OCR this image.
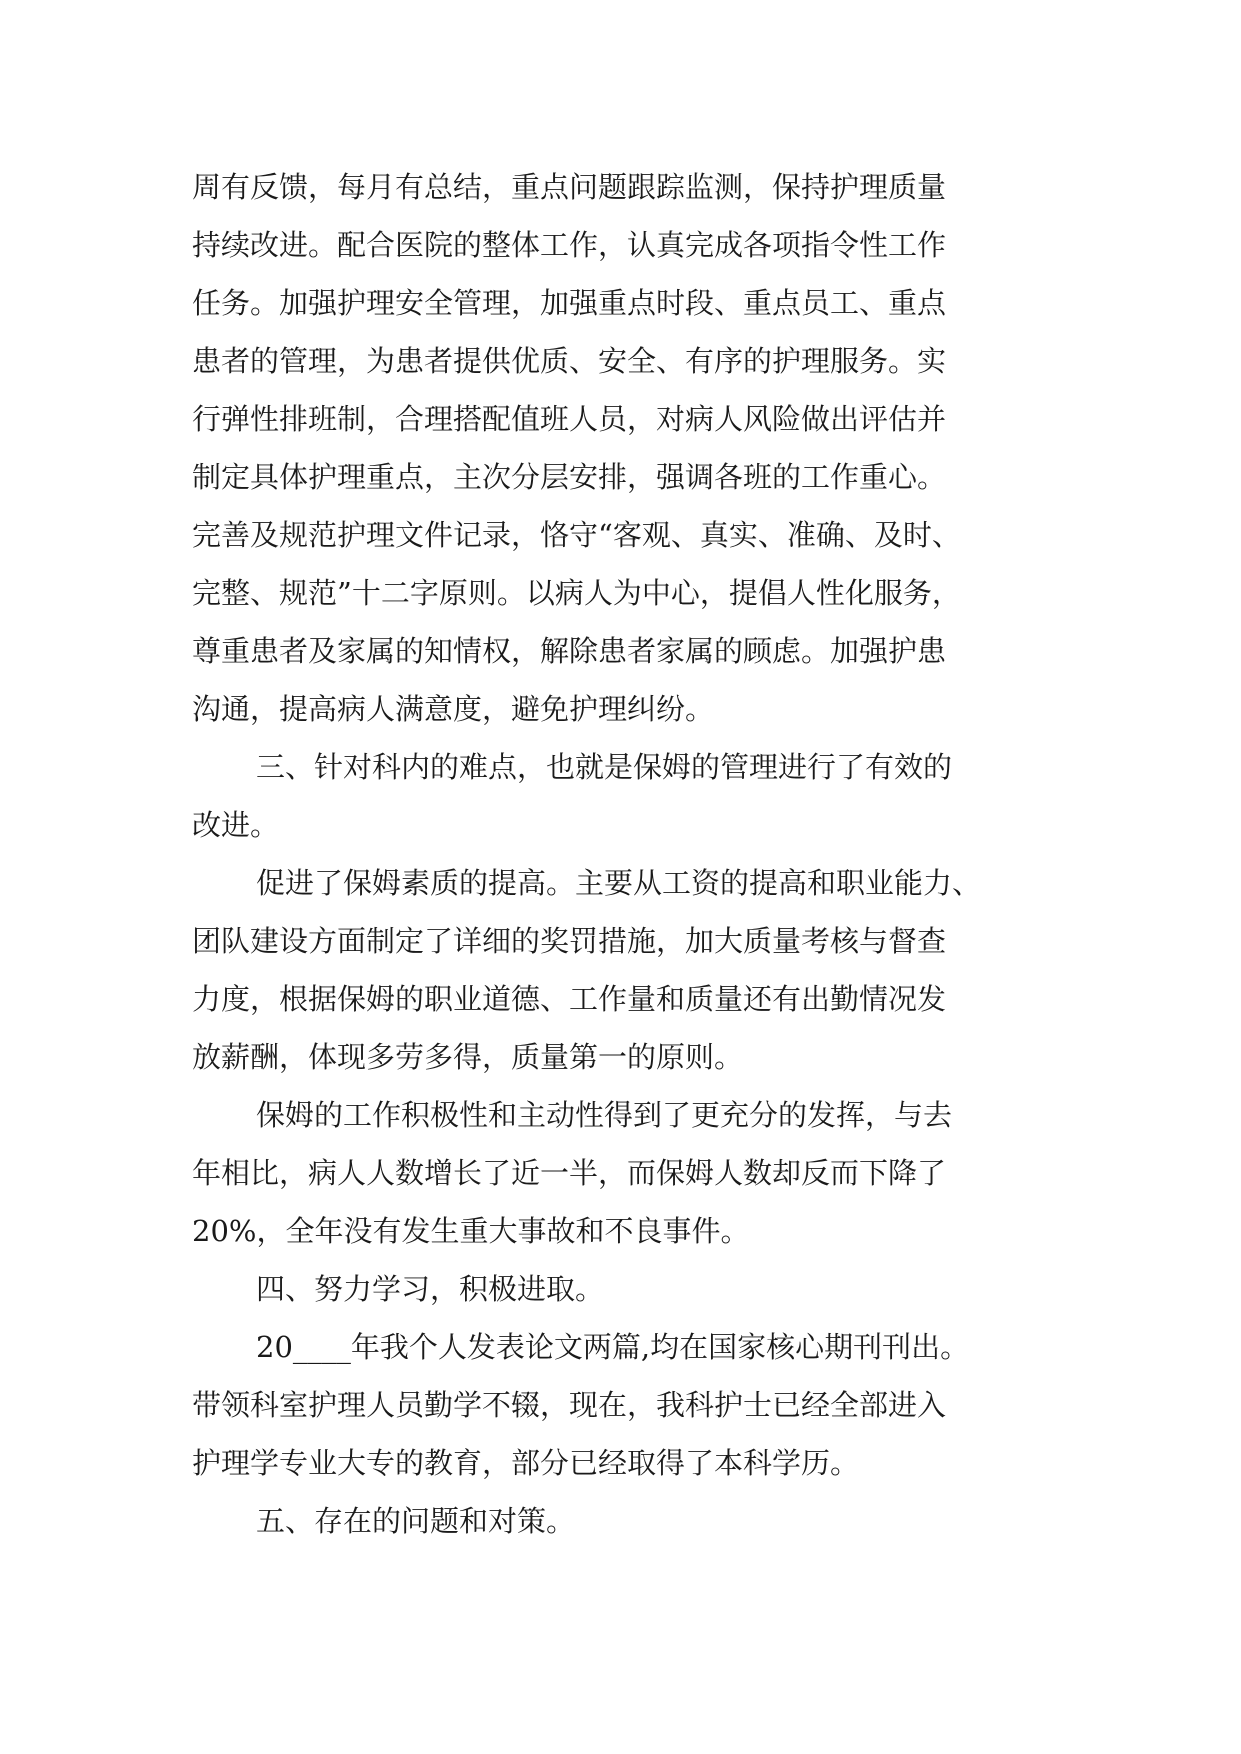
周有反馈，每月有总结，重点问题跟踪监测，保持护理质量
持续改进。配合医院的整体工作，认真完成各项指令性工作
任务。加强护理安全管理，加强重点时段、重点员工、重点
患者的管理，为患者提供优质、安全、有序的护理服务。实
行弹性排班制，合理搭配值班人员，对病人风险做出评估并
制定具体护理重点，主次分层安排，强调各班的工作重心。
完善及规范护理文件记录，恪守“客观、真实、准确、及时、
完整、规范”十二字原则。以病人为中心，提倡人性化服务，
尊重患者及家属的知情权，解除患者家属的顾虑。加强护患
沟通，提高病人满意度，避免护理纠纷。
三、针对科内的难点，也就是保姆的管理进行了有效的
改进。
促进了保姆素质的提高。主要从工资的提高和职业能力、
团队建设方面制定了详细的奖罚措施，加大质量考核与督查
力度，根据保姆的职业道德、工作量和质量还有出勤情况发
放薪酬，体现多劳多得，质量第一的原则。
保姆的工作积极性和主动性得到了更充分的发挥，与去
年相比，病人人数增长了近一半，而保姆人数却反而下降了
20%，全年没有发生重大事故和不良事件。
四、努力学习，积极进取。
20____年我个人发表论文两篇,均在国家核心期刊刊出。
带领科室护理人员勤学不辍，现在，我科护士已经全部进入
护理学专业大专的教育，部分已经取得了本科学历。
五、存在的问题和对策。
